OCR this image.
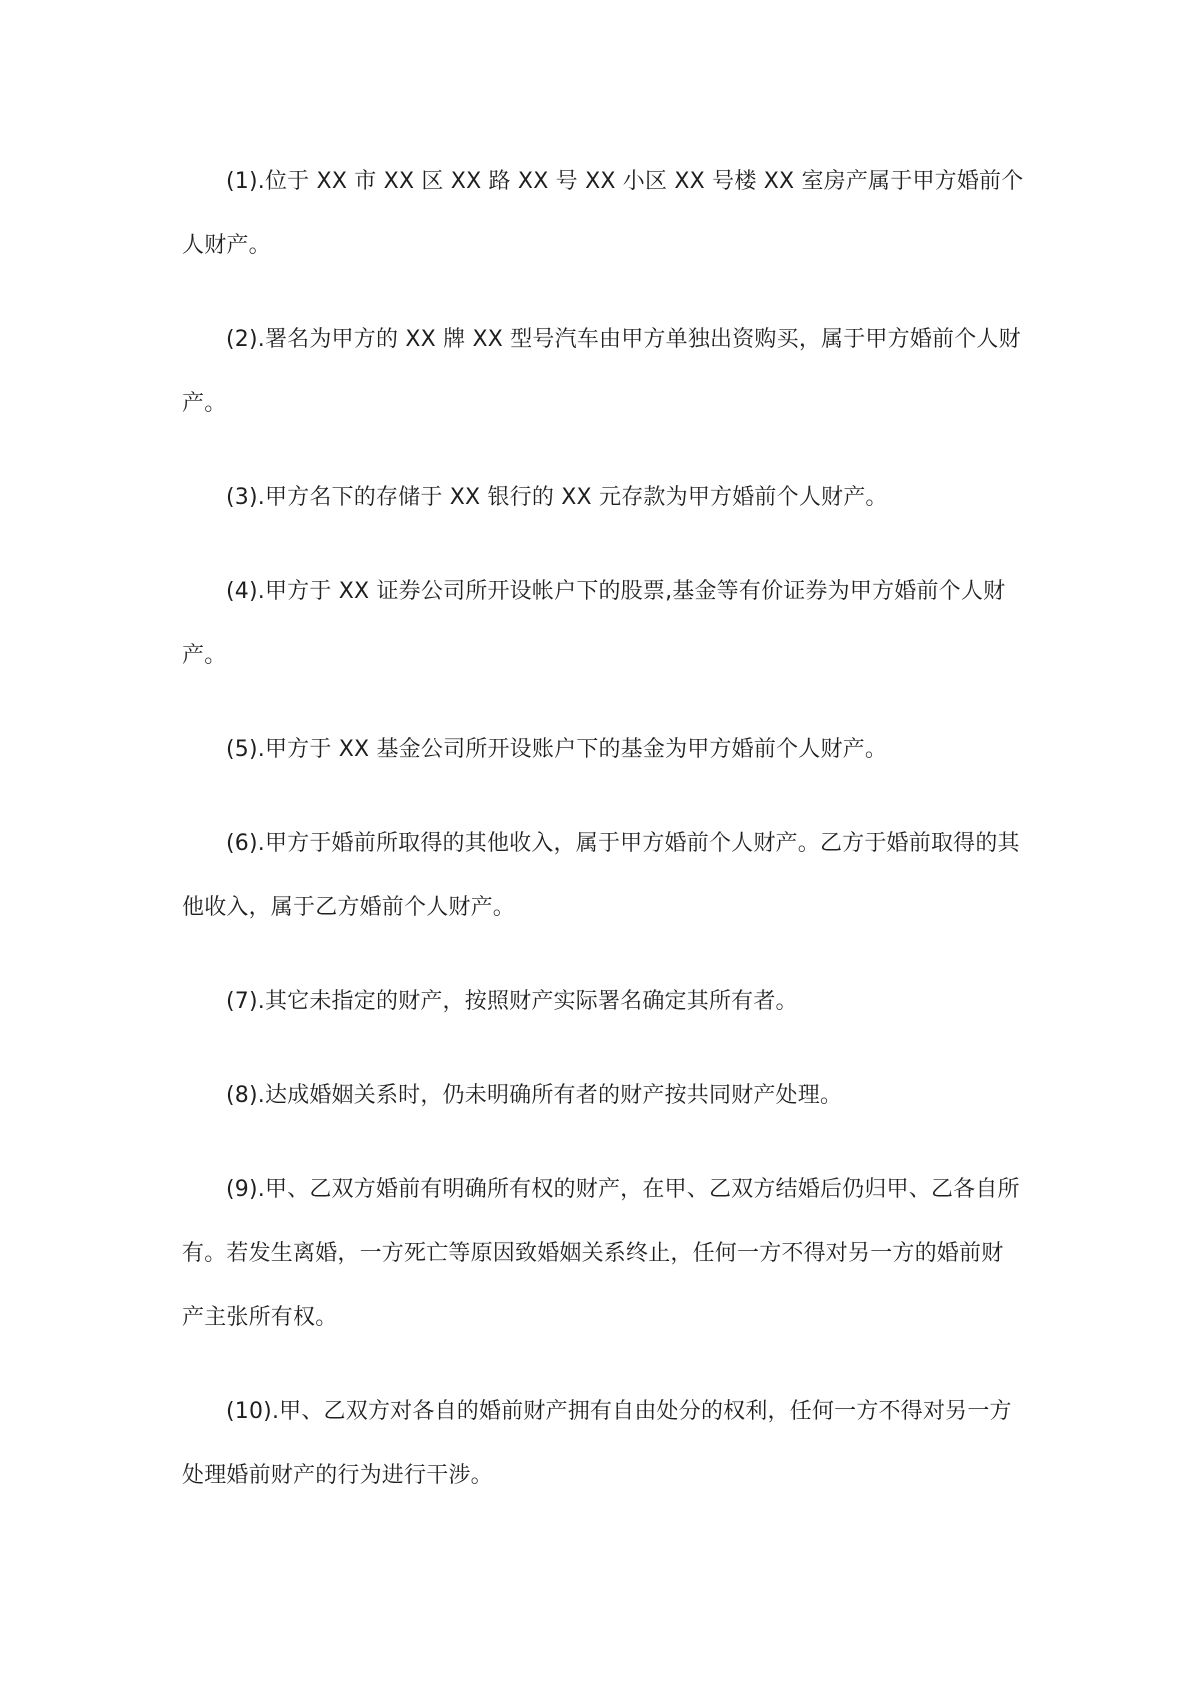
(1).位于 XX 市 XX 区 XX 路 XX 号 XX 小区 XX 号楼 XX 室房产属于甲方婚前个人财产。

(2).署名为甲方的 XX 牌 XX 型号汽车由甲方单独出资购买，属于甲方婚前个人财产。

(3).甲方名下的存储于 XX 银行的 XX 元存款为甲方婚前个人财产。

(4).甲方于 XX 证券公司所开设帐户下的股票,基金等有价证券为甲方婚前个人财产。

(5).甲方于 XX 基金公司所开设账户下的基金为甲方婚前个人财产。

(6).甲方于婚前所取得的其他收入，属于甲方婚前个人财产。乙方于婚前取得的其他收入，属于乙方婚前个人财产。

(7).其它未指定的财产，按照财产实际署名确定其所有者。

(8).达成婚姻关系时，仍未明确所有者的财产按共同财产处理。

(9).甲、乙双方婚前有明确所有权的财产，在甲、乙双方结婚后仍归甲、乙各自所有。若发生离婚，一方死亡等原因致婚姻关系终止，任何一方不得对另一方的婚前财产主张所有权。

(10).甲、乙双方对各自的婚前财产拥有自由处分的权利，任何一方不得对另一方处理婚前财产的行为进行干涉。
